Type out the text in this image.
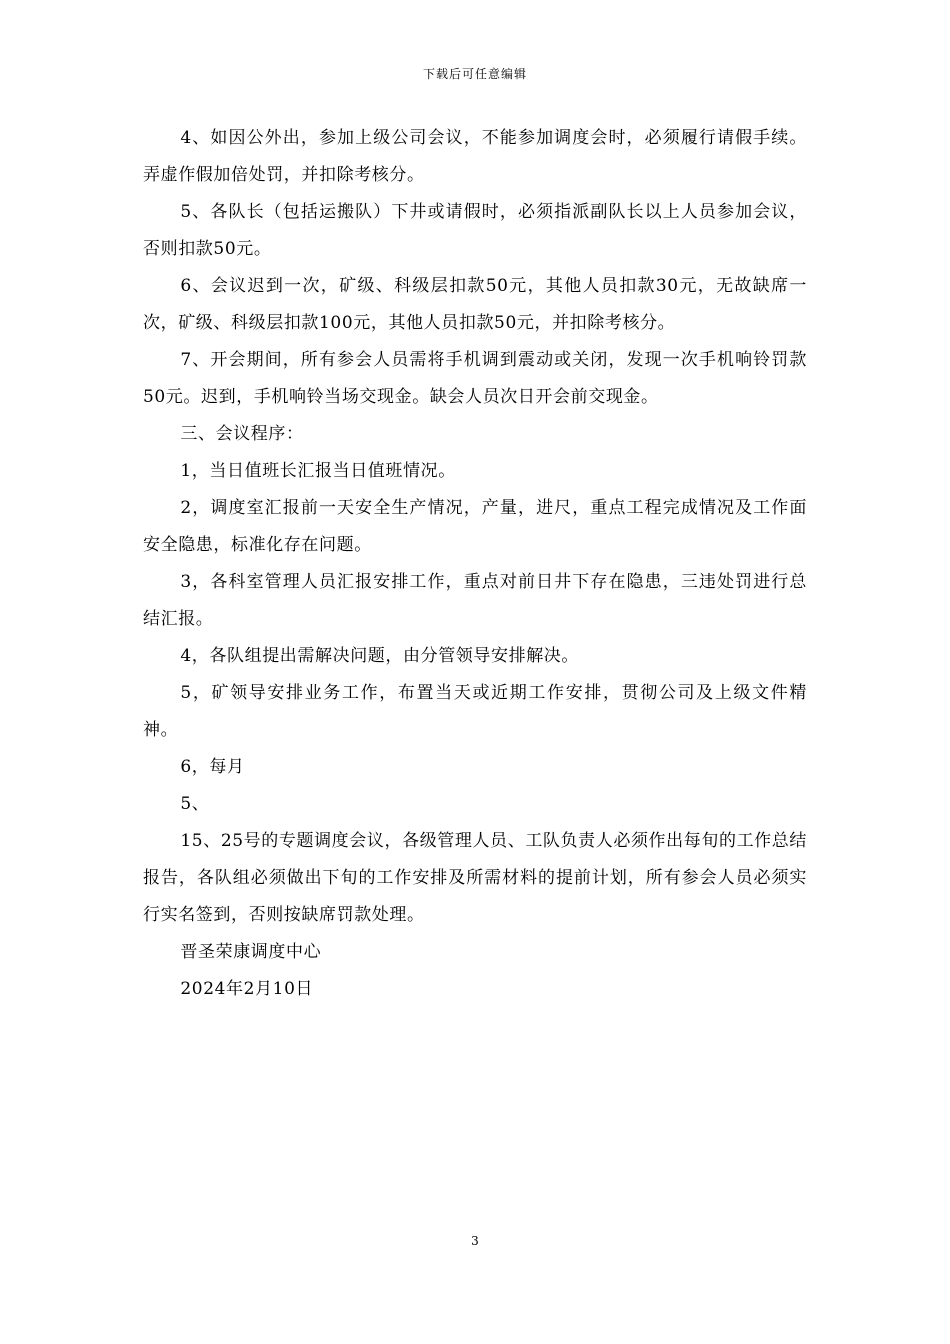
下载后可任意编辑

4、如因公外出，参加上级公司会议，不能参加调度会时，必须履行请假手续。弄虚作假加倍处罚，并扣除考核分。

5、各队长（包括运搬队）下井或请假时，必须指派副队长以上人员参加会议，否则扣款50元。

6、会议迟到一次，矿级、科级层扣款50元，其他人员扣款30元，无故缺席一次，矿级、科级层扣款100元，其他人员扣款50元，并扣除考核分。

7、开会期间，所有参会人员需将手机调到震动或关闭，发现一次手机响铃罚款50元。迟到，手机响铃当场交现金。缺会人员次日开会前交现金。

三、会议程序：

1，当日值班长汇报当日值班情况。

2，调度室汇报前一天安全生产情况，产量，进尺，重点工程完成情况及工作面安全隐患，标准化存在问题。

3，各科室管理人员汇报安排工作，重点对前日井下存在隐患，三违处罚进行总结汇报。

4，各队组提出需解决问题，由分管领导安排解决。

5，矿领导安排业务工作，布置当天或近期工作安排，贯彻公司及上级文件精神。

6，每月

5、

15、25号的专题调度会议，各级管理人员、工队负责人必须作出每旬的工作总结报告，各队组必须做出下旬的工作安排及所需材料的提前计划，所有参会人员必须实行实名签到，否则按缺席罚款处理。

晋圣荣康调度中心

2024年2月10日

3
